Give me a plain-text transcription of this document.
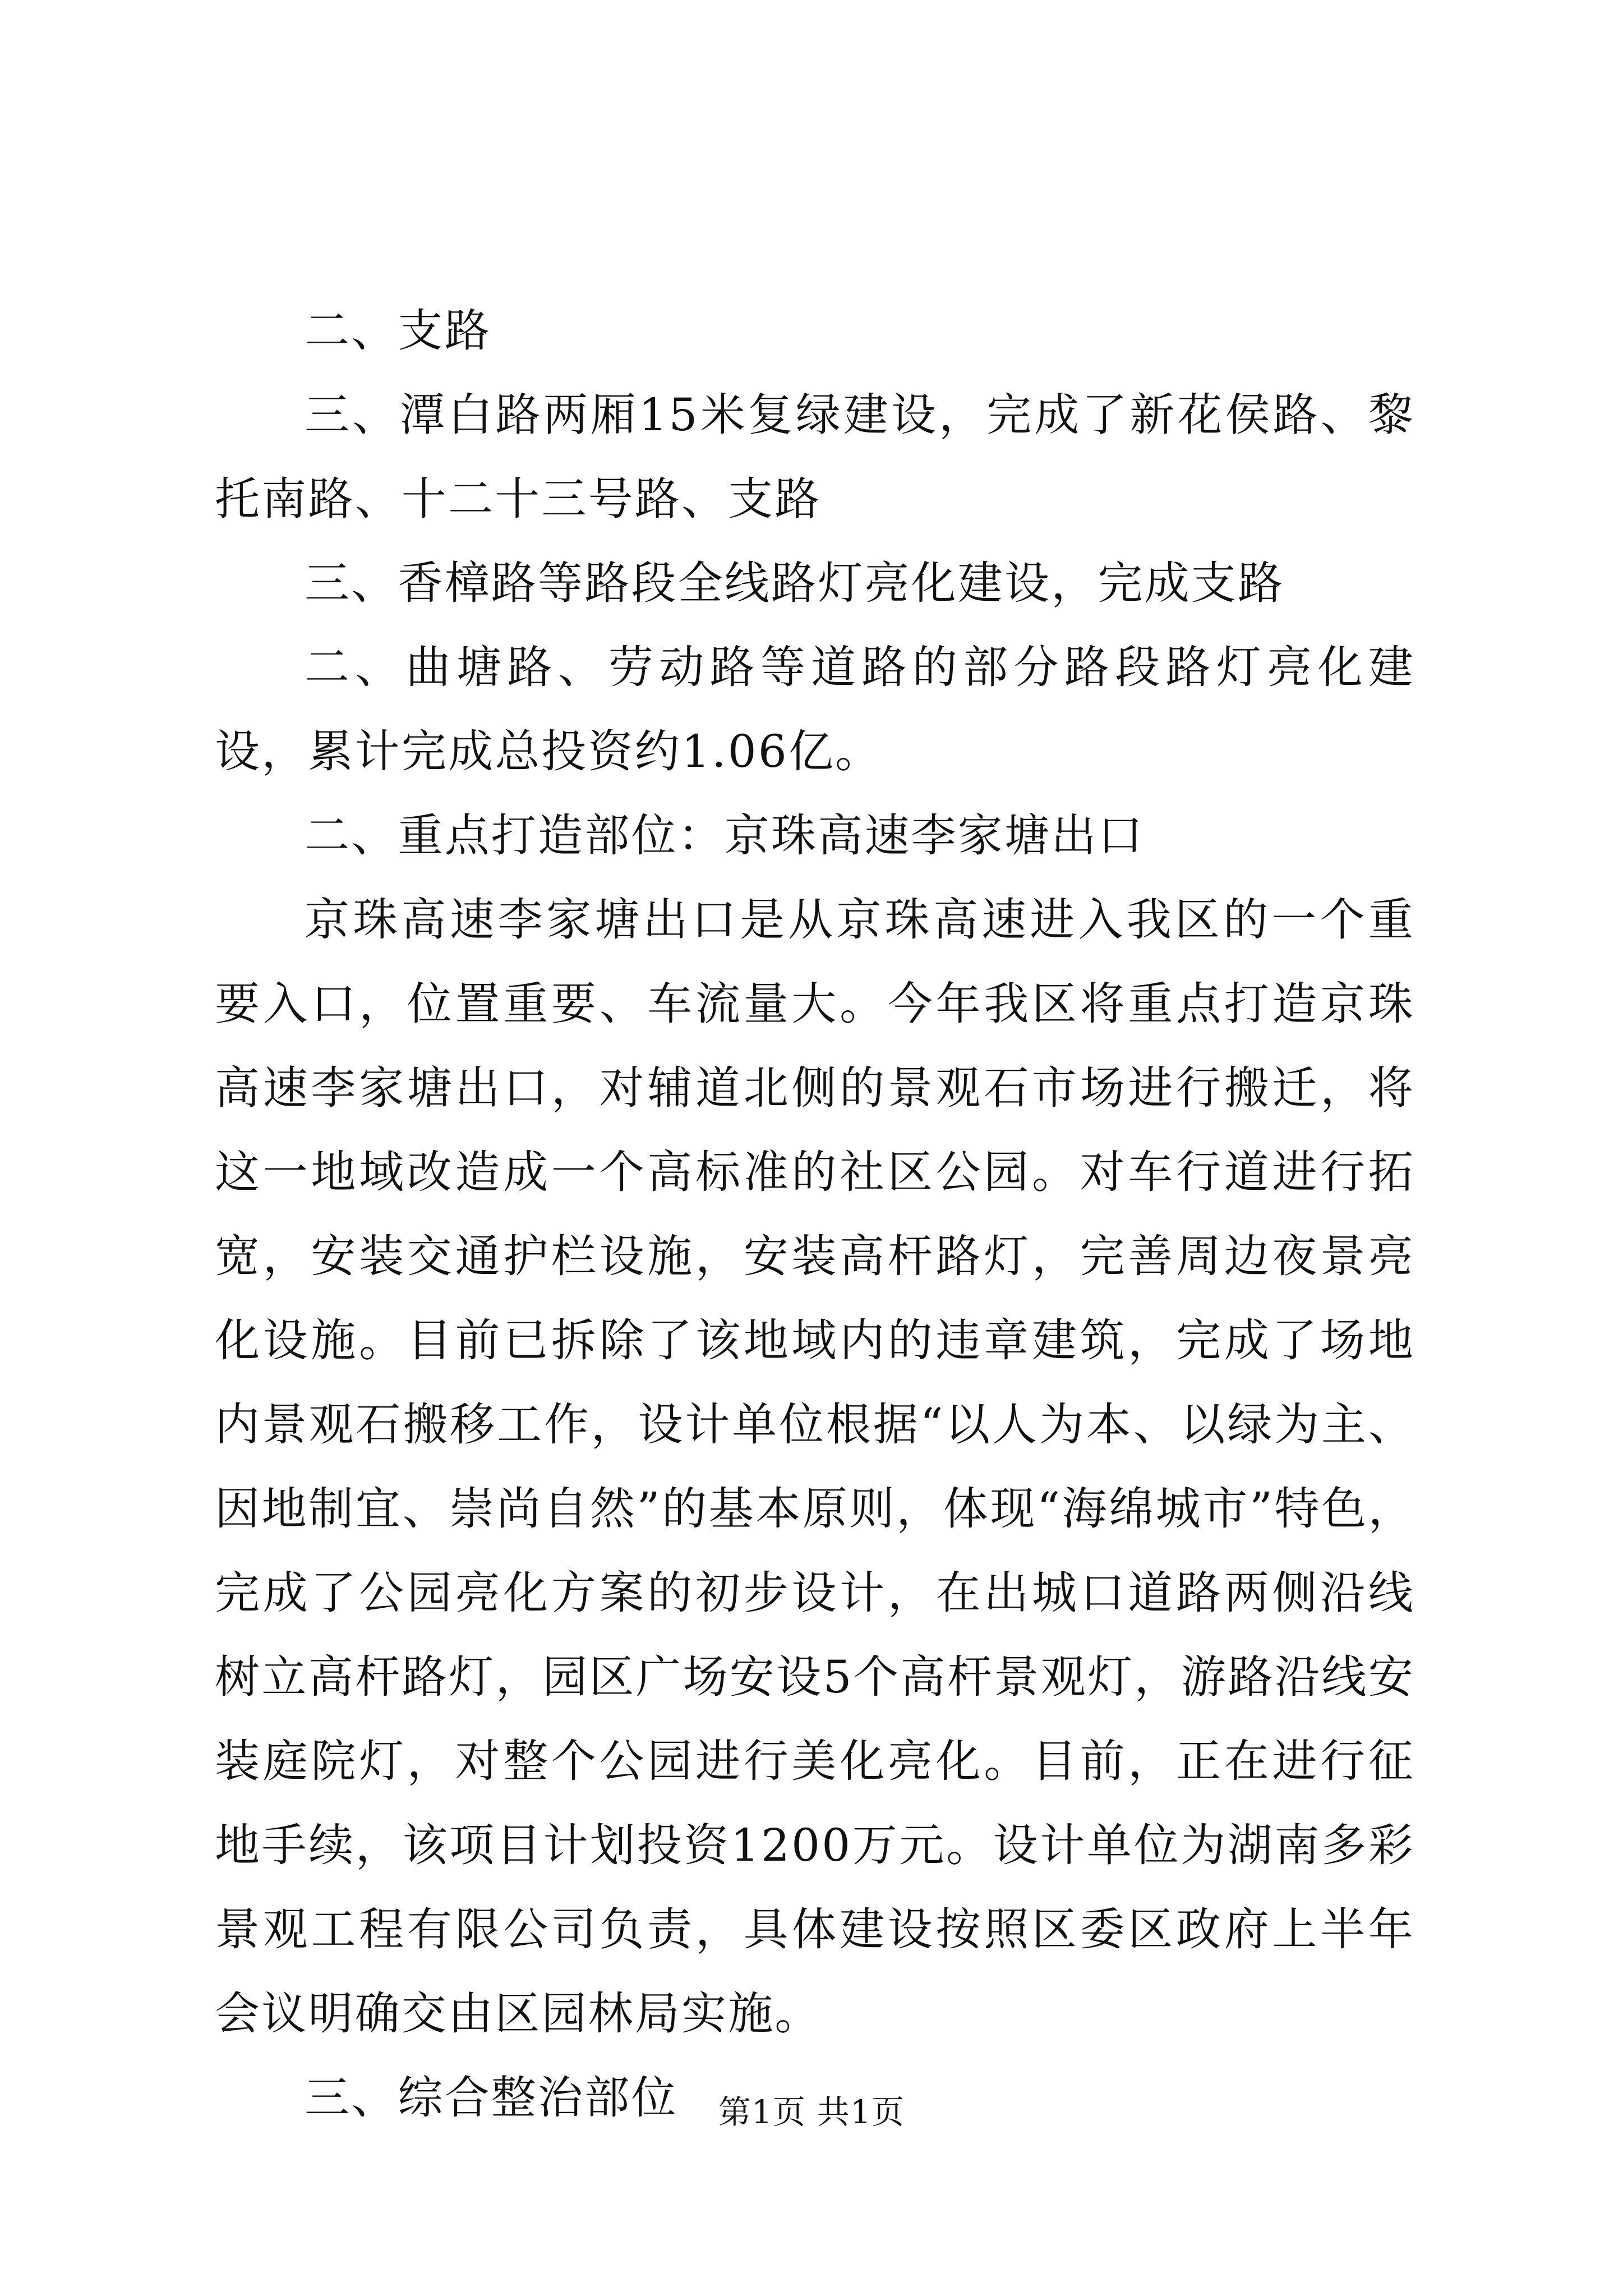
二、支路

三、潭白路两厢15米复绿建设，完成了新花侯路、黎托南路、十二十三号路、支路

三、香樟路等路段全线路灯亮化建设，完成支路

二、曲塘路、劳动路等道路的部分路段路灯亮化建设，累计完成总投资约1.06亿。

二、重点打造部位：京珠高速李家塘出口

京珠高速李家塘出口是从京珠高速进入我区的一个重要入口，位置重要、车流量大。今年我区将重点打造京珠高速李家塘出口，对辅道北侧的景观石市场进行搬迁，将这一地域改造成一个高标准的社区公园。对车行道进行拓宽，安装交通护栏设施，安装高杆路灯，完善周边夜景亮化设施。目前已拆除了该地域内的违章建筑，完成了场地内景观石搬移工作，设计单位根据“以人为本、以绿为主、因地制宜、崇尚自然”的基本原则，体现“海绵城市”特色，完成了公园亮化方案的初步设计，在出城口道路两侧沿线树立高杆路灯，园区广场安设5个高杆景观灯，游路沿线安装庭院灯，对整个公园进行美化亮化。目前，正在进行征地手续，该项目计划投资1200万元。设计单位为湖南多彩景观工程有限公司负责，具体建设按照区委区政府上半年会议明确交由区园林局实施。

三、综合整治部位	第1页 共1页
